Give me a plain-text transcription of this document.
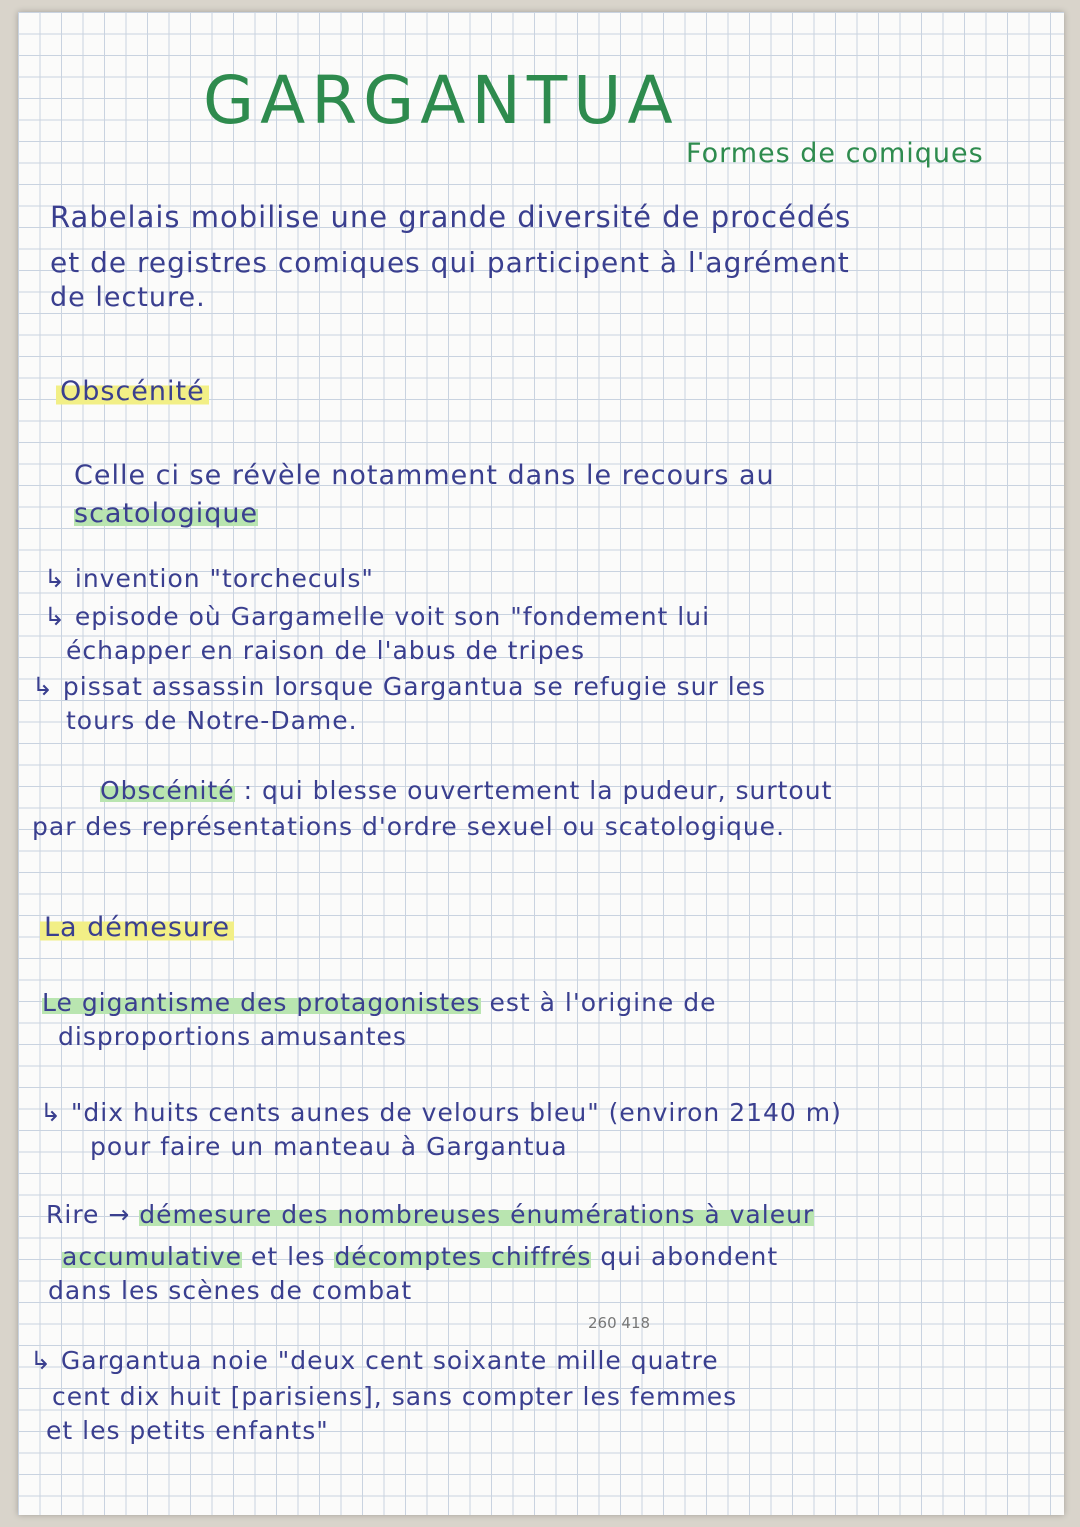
GARGANTUA
Formes de comiques
Rabelais mobilise une grande diversité de procédés
et de registres comiques qui participent à l'agrément
de lecture.
Obscénité
Celle ci se révèle notamment dans le recours au
scatologique
↳ invention "torcheculs"
↳ episode où Gargamelle voit son "fondement lui
échapper en raison de l'abus de tripes
↳ pissat assassin lorsque Gargantua se refugie sur les
tours de Notre-Dame.
Obscénité : qui blesse ouvertement la pudeur, surtout
par des représentations d'ordre sexuel ou scatologique.
La démesure
Le gigantisme des protagonistes est à l'origine de
disproportions amusantes
↳ "dix huits cents aunes de velours bleu" (environ 2140 m)
pour faire un manteau à Gargantua
Rire → démesure des nombreuses énumérations à valeur
accumulative et les décomptes chiffrés qui abondent
dans les scènes de combat
260 418
↳ Gargantua noie "deux cent soixante mille quatre
cent dix huit [parisiens], sans compter les femmes
et les petits enfants"
